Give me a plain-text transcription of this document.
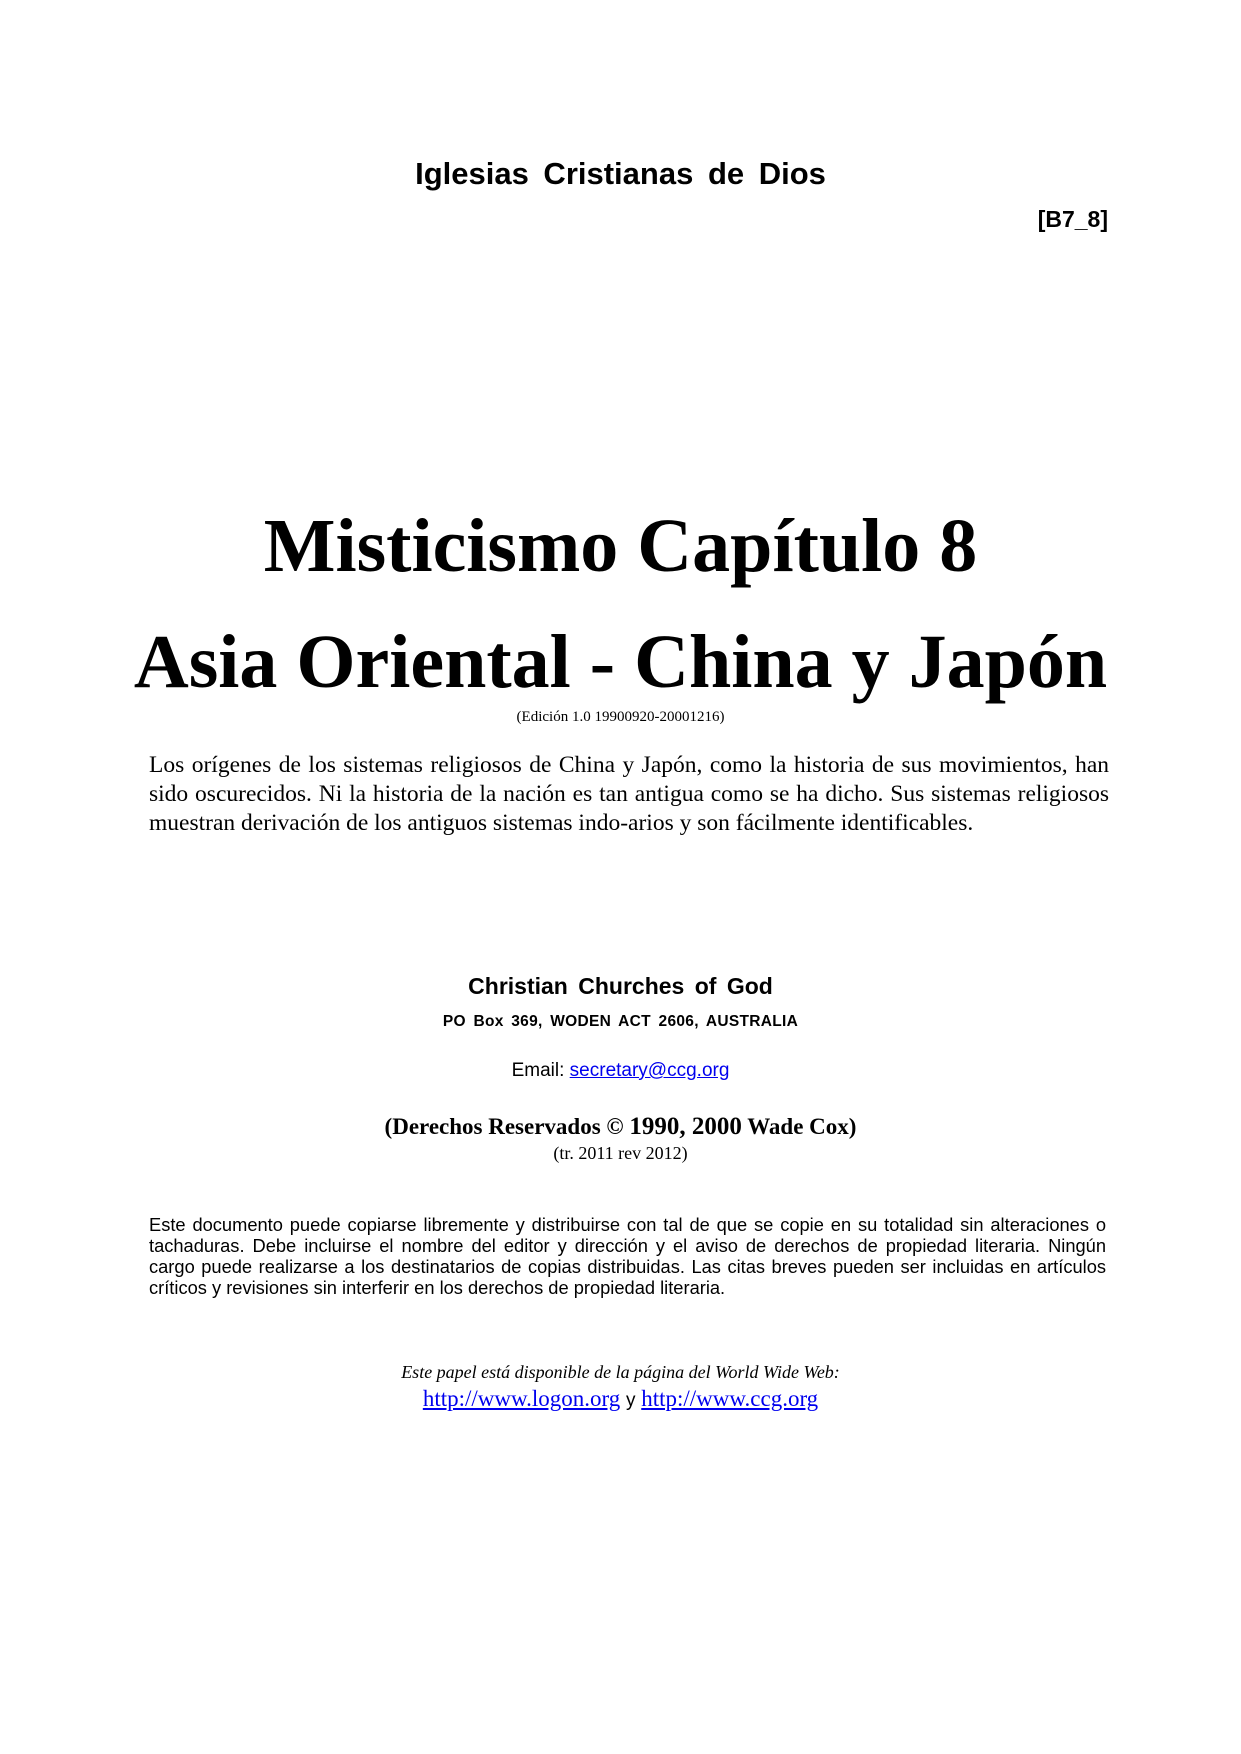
Iglesias Cristianas de Dios
[B7_8]
Misticismo Capítulo 8
Asia Oriental - China y Japón
(Edición 1.0 19900920-20001216)
Los orígenes de los sistemas religiosos de China y Japón, como la historia de sus movimientos, han sido oscurecidos. Ni la historia de la nación es tan antigua como se ha dicho. Sus sistemas religiosos muestran derivación de los antiguos sistemas indo-arios y son fácilmente identificables.
Christian Churches of God
PO Box 369, WODEN ACT 2606, AUSTRALIA
Email: secretary@ccg.org
(Derechos Reservados © 1990, 2000 Wade Cox)
(tr. 2011 rev 2012)
Este documento puede copiarse libremente y distribuirse con tal de que se copie en su totalidad sin alteraciones o tachaduras. Debe incluirse el nombre del editor y dirección y el aviso de derechos de propiedad literaria. Ningún cargo puede realizarse a los destinatarios de copias distribuidas. Las citas breves pueden ser incluidas en artículos críticos y revisiones sin interferir en los derechos de propiedad literaria.
Este papel está disponible de la página del World Wide Web:
http://www.logon.org y http://www.ccg.org
